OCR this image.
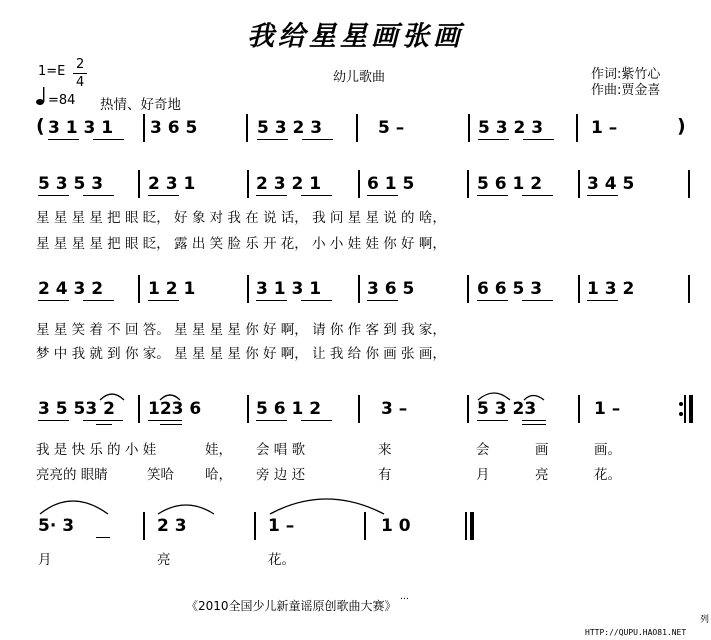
我给星星画张画
1=E 2
4
=84 热情、好奇地
幼儿歌曲	作词:紫竹心
作曲:贾金喜
( 3 1 3 1 3 6 5	5 3 2 3	5 –	5 3 2 3	1 –	)
5 3 5 3	2 3 1	2 3 2 1	6 1 5	5 6 1 2	3 4 5
星 星 星 星 把 眼 眨， 好 象 对 我 在 说 话， 我 问 星 星 说 的 啥，
星 星 星 星 把 眼 眨， 露 出 笑 脸 乐 开 花， 小 小 娃 娃 你 好 啊，
2 4 3 2	1 2 1	3 1 3 1	3 6 5	6 6 5 3	1 3 2
星 星 笑 着 不 回 答。 星 星 星 星 你 好 啊， 请 你 作 客 到 我 家，
梦 中 我 就 到 你 家。 星 星 星 星 你 好 啊， 让 我 给 你 画 张 画，
3 5 53 2 123 6	5 6 1 2	3 –	5 3 23	1 –
我 是 快 乐 的 小 娃	娃， 会 唱 歌	来	会	画	画。
亮亮的 眼睛	笑哈 哈， 旁 边 还	有	月	亮	花。
5· 3	2 3	1 –	1 0
月	亮	花。
《2010全国少儿新童谣原创歌曲大赛》
…
HTTP://QUPU.HAO81.NET
列
